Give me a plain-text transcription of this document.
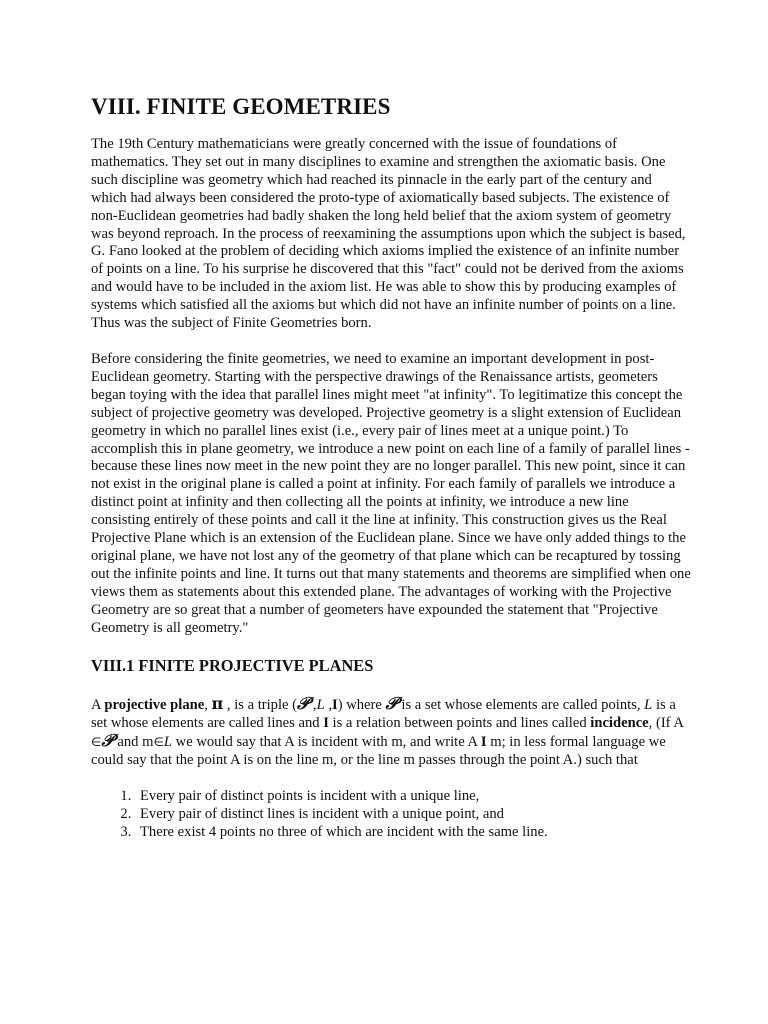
VIII. FINITE GEOMETRIES

The 19th Century mathematicians were greatly concerned with the issue of foundations of mathematics. They set out in many disciplines to examine and strengthen the axiomatic basis. One such discipline was geometry which had reached its pinnacle in the early part of the century and which had always been considered the proto-type of axiomatically based subjects. The existence of non-Euclidean geometries had badly shaken the long held belief that the axiom system of geometry was beyond reproach. In the process of reexamining the assumptions upon which the subject is based, G. Fano looked at the problem of deciding which axioms implied the existence of an infinite number of points on a line. To his surprise he discovered that this "fact" could not be derived from the axioms and would have to be included in the axiom list. He was able to show this by producing examples of systems which satisfied all the axioms but which did not have an infinite number of points on a line. Thus was the subject of Finite Geometries born.

Before considering the finite geometries, we need to examine an important development in post-Euclidean geometry. Starting with the perspective drawings of the Renaissance artists, geometers began toying with the idea that parallel lines might meet "at infinity". To legitimatize this concept the subject of projective geometry was developed. Projective geometry is a slight extension of Euclidean geometry in which no parallel lines exist (i.e., every pair of lines meet at a unique point.) To accomplish this in plane geometry, we introduce a new point on each line of a family of parallel lines - because these lines now meet in the new point they are no longer parallel. This new point, since it can not exist in the original plane is called a point at infinity. For each family of parallels we introduce a distinct point at infinity and then collecting all the points at infinity, we introduce a new line consisting entirely of these points and call it the line at infinity. This construction gives us the Real Projective Plane which is an extension of the Euclidean plane. Since we have only added things to the original plane, we have not lost any of the geometry of that plane which can be recaptured by tossing out the infinite points and line. It turns out that many statements and theorems are simplified when one views them as statements about this extended plane. The advantages of working with the Projective Geometry are so great that a number of geometers have expounded the statement that "Projective Geometry is all geometry."

VIII.1 FINITE PROJECTIVE PLANES

A projective plane, π , is a triple (𝒫 ,L ,I) where 𝒫 is a set whose elements are called points, L is a set whose elements are called lines and I is a relation between points and lines called incidence, (If A ∈𝒫 and m∈L we would say that A is incident with m, and write A I m; in less formal language we could say that the point A is on the line m, or the line m passes through the point A.) such that

1. Every pair of distinct points is incident with a unique line,
2. Every pair of distinct lines is incident with a unique point, and
3. There exist 4 points no three of which are incident with the same line.
